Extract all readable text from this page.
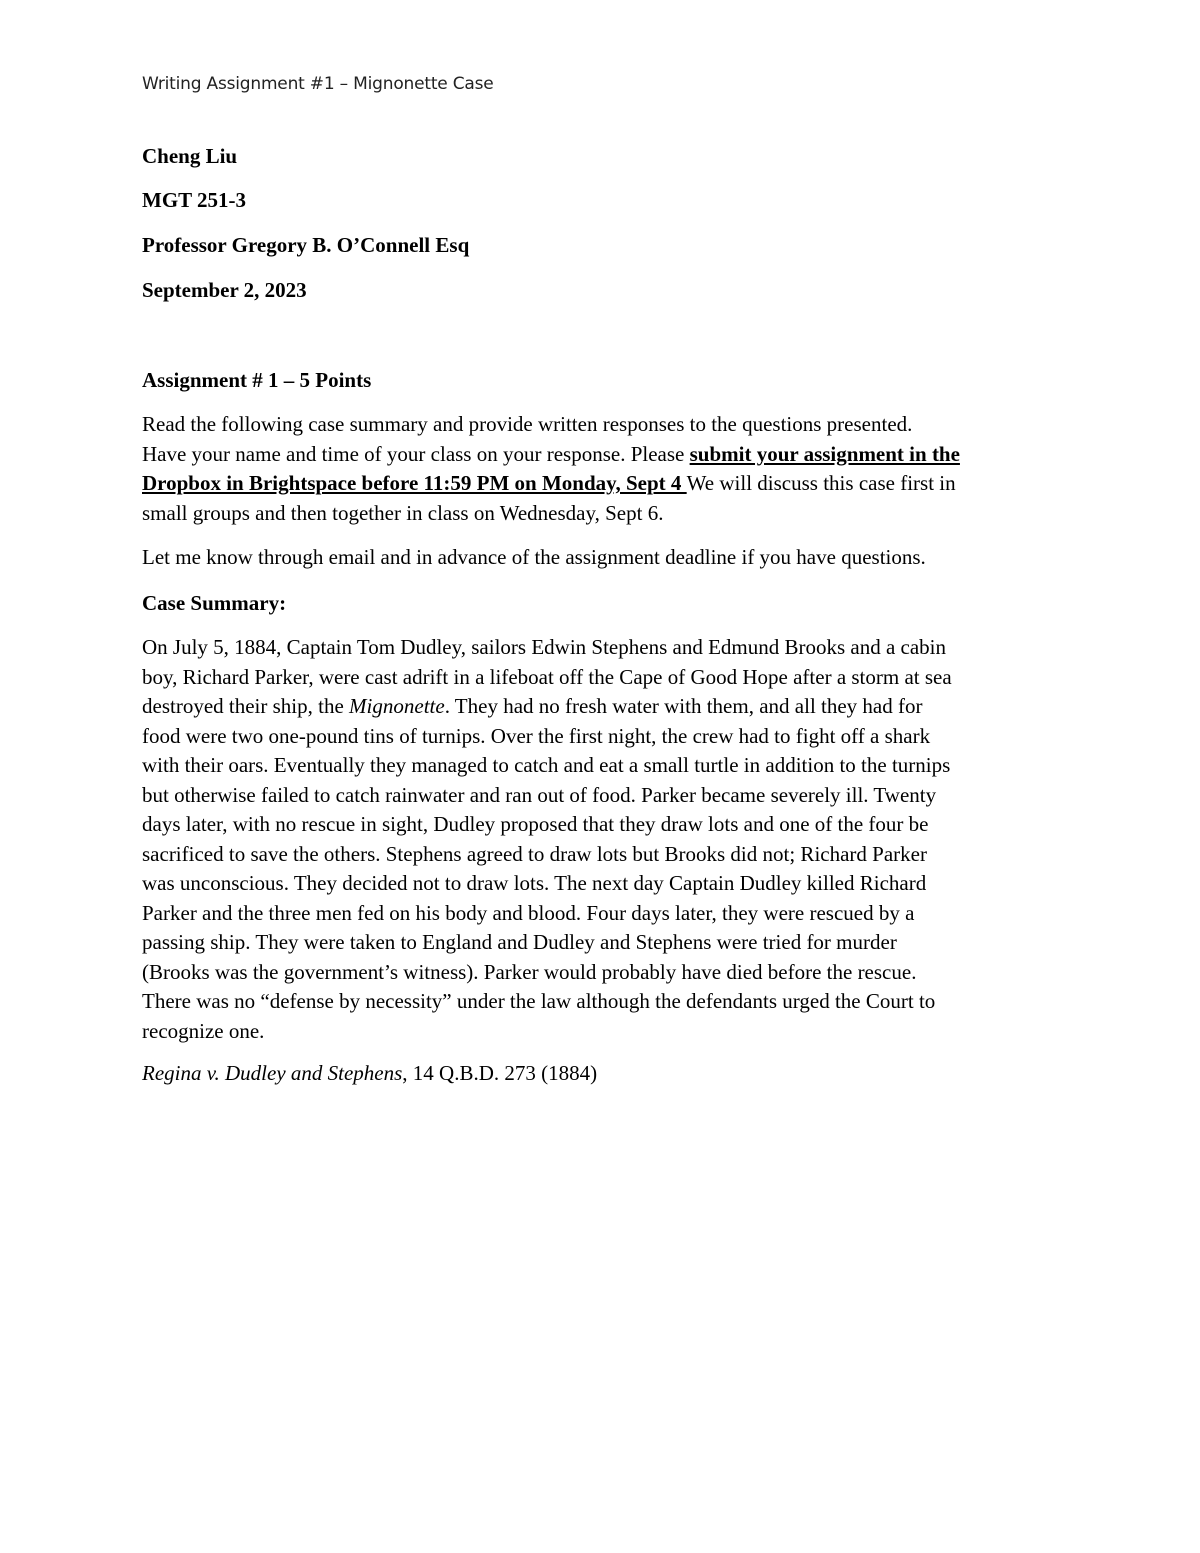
Writing Assignment #1 – Mignonette Case

Cheng Liu

MGT 251-3

Professor Gregory B. O’Connell Esq

September 2, 2023

Assignment # 1 – 5 Points

Read the following case summary and provide written responses to the questions presented.
Have your name and time of your class on your response. Please submit your assignment in the
Dropbox in Brightspace before 11:59 PM on Monday, Sept 4 We will discuss this case first in
small groups and then together in class on Wednesday, Sept 6.
Let me know through email and in advance of the assignment deadline if you have questions.

Case Summary:

On July 5, 1884, Captain Tom Dudley, sailors Edwin Stephens and Edmund Brooks and a cabin
boy, Richard Parker, were cast adrift in a lifeboat off the Cape of Good Hope after a storm at sea
destroyed their ship, the Mignonette. They had no fresh water with them, and all they had for
food were two one-pound tins of turnips. Over the first night, the crew had to fight off a shark
with their oars. Eventually they managed to catch and eat a small turtle in addition to the turnips
but otherwise failed to catch rainwater and ran out of food. Parker became severely ill. Twenty
days later, with no rescue in sight, Dudley proposed that they draw lots and one of the four be
sacrificed to save the others. Stephens agreed to draw lots but Brooks did not; Richard Parker
was unconscious. They decided not to draw lots. The next day Captain Dudley killed Richard
Parker and the three men fed on his body and blood. Four days later, they were rescued by a
passing ship. They were taken to England and Dudley and Stephens were tried for murder
(Brooks was the government’s witness). Parker would probably have died before the rescue.
There was no “defense by necessity” under the law although the defendants urged the Court to
recognize one.
Regina v. Dudley and Stephens, 14 Q.B.D. 273 (1884)
